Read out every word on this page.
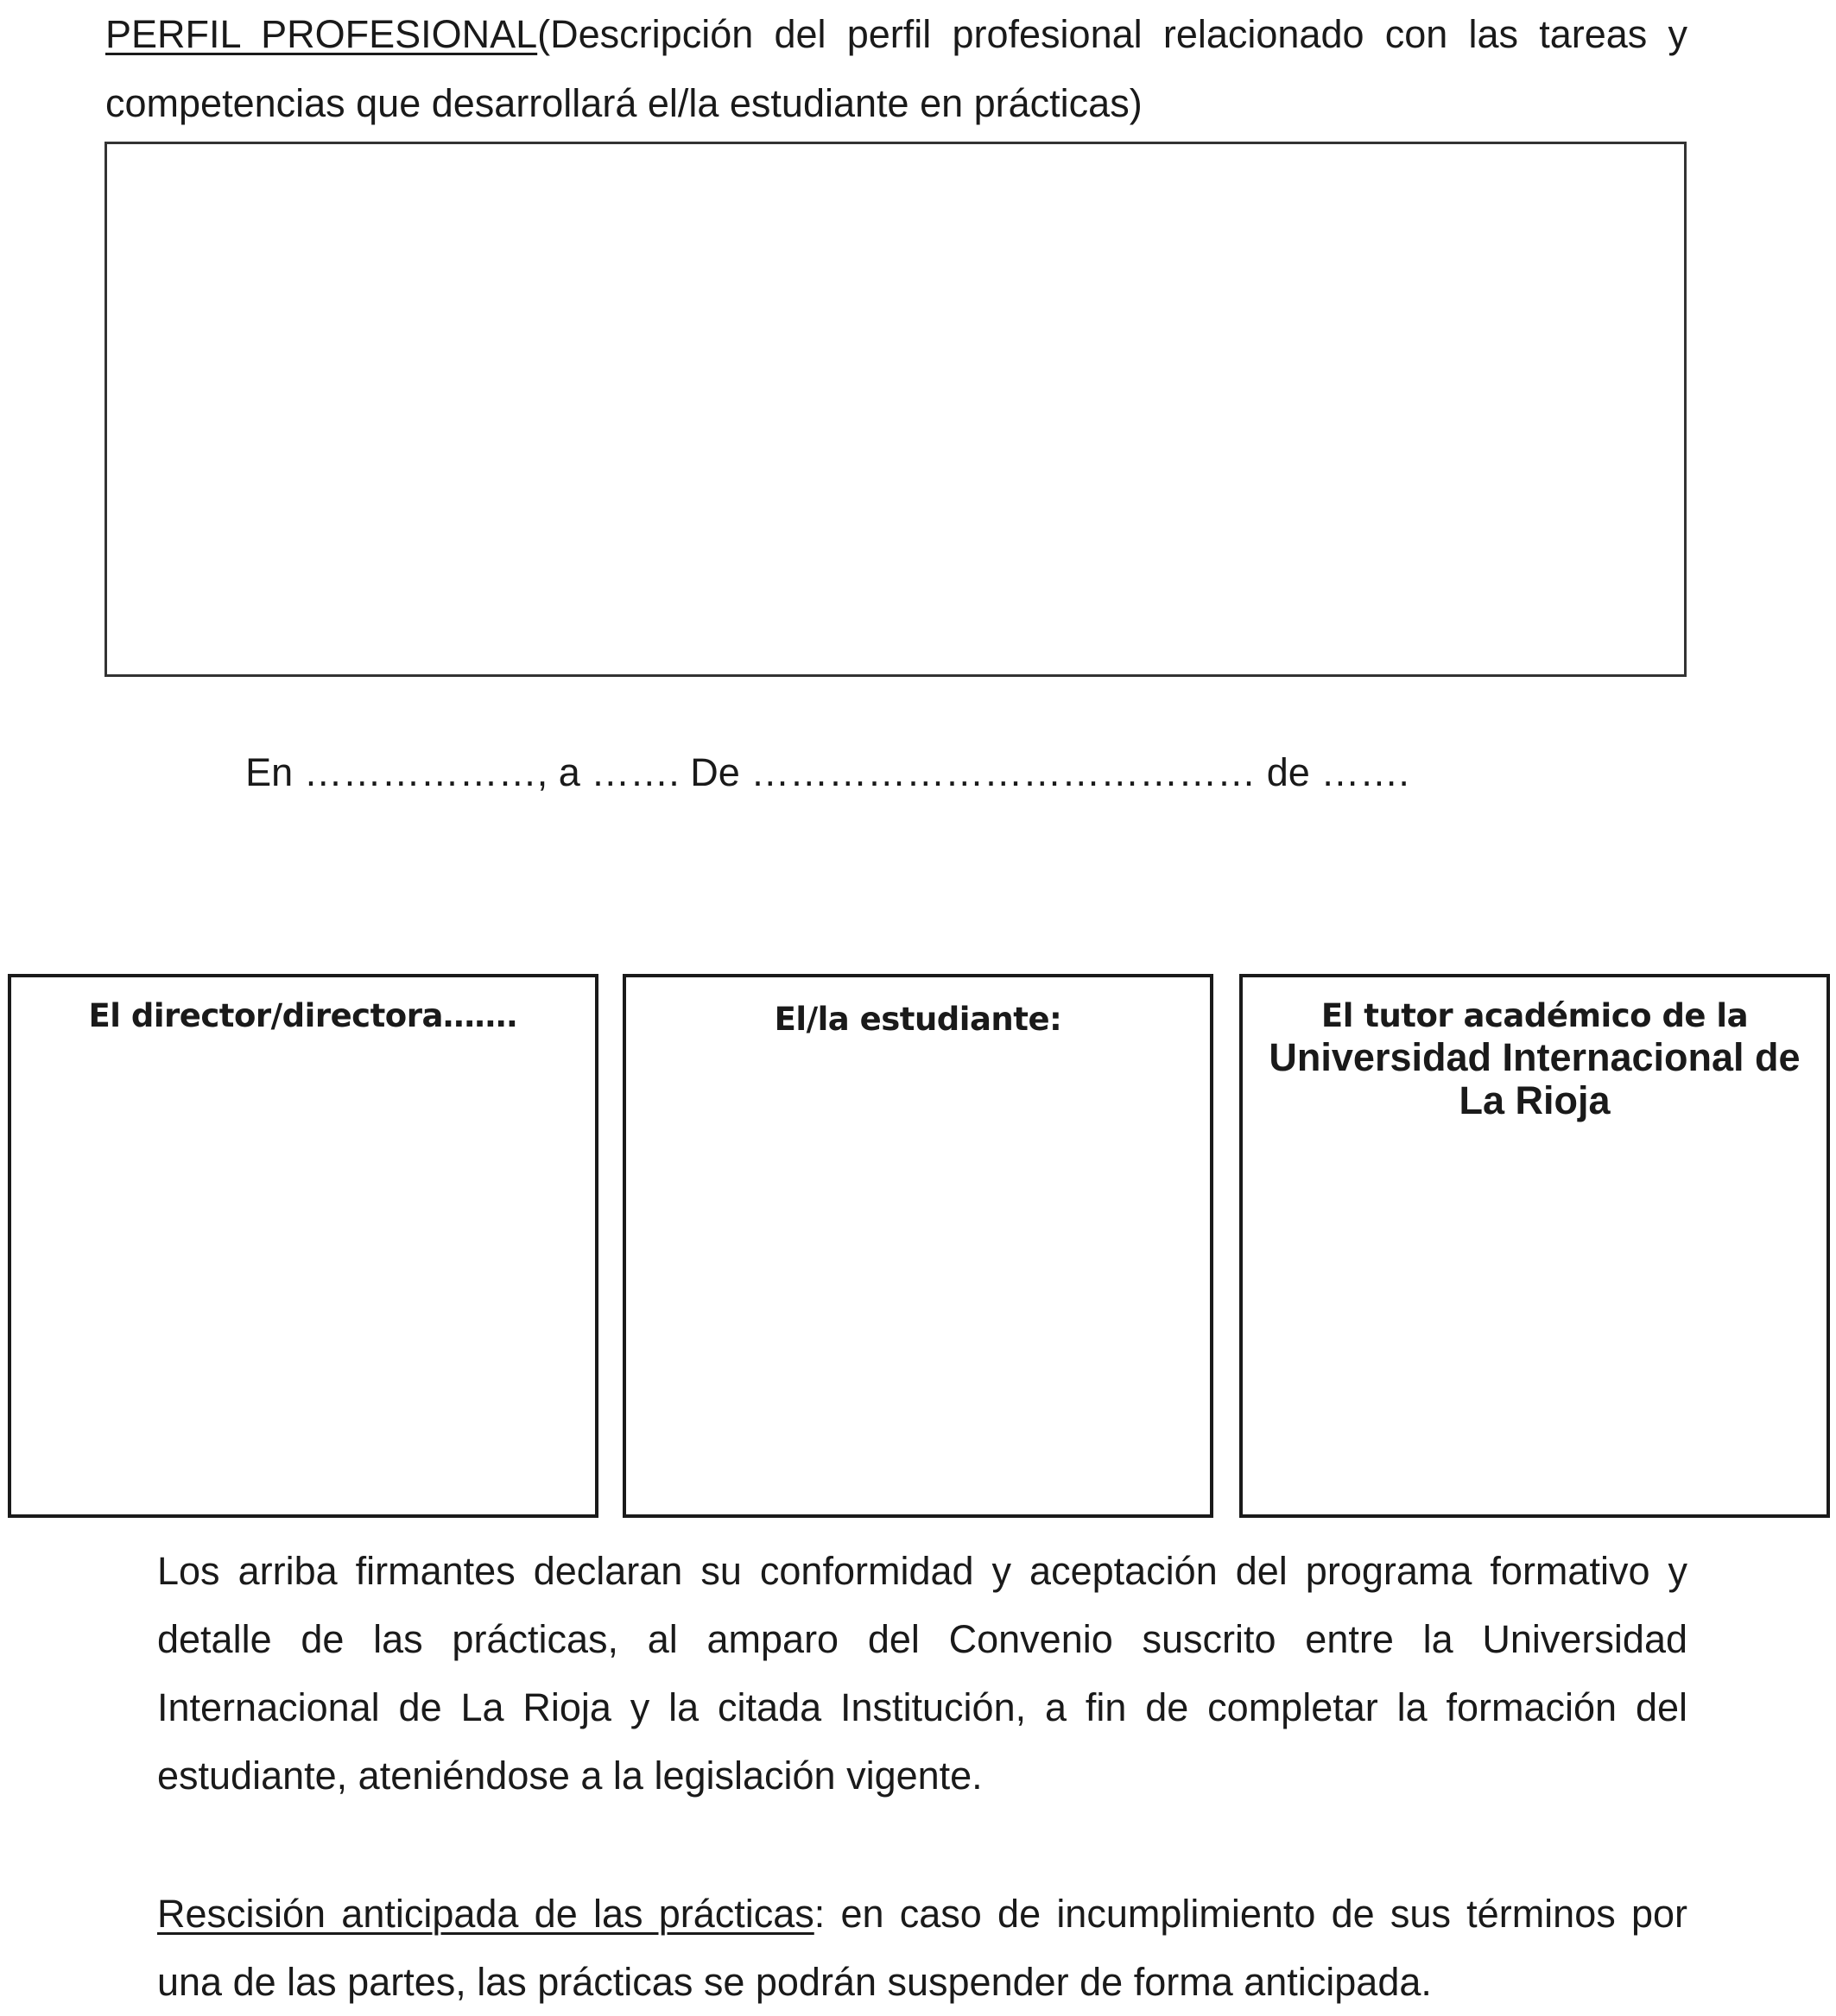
PERFIL PROFESIONAL(Descripción del perfil profesional relacionado con las tareas y competencias que desarrollará el/la estudiante en prácticas)
En ………………, a ……. De ………………………………… de …….
El director/directora…….	El/la estudiante:	El tutor académico de la
Universidad Internacional de La Rioja
Los arriba firmantes declaran su conformidad y aceptación del programa formativo y detalle de las prácticas, al amparo del Convenio suscrito entre la Universidad Internacional de La Rioja y la citada Institución, a fin de completar la formación del estudiante, ateniéndose a la legislación vigente.
Rescisión anticipada de las prácticas: en caso de incumplimiento de sus términos por una de las partes, las prácticas se podrán suspender de forma anticipada.
